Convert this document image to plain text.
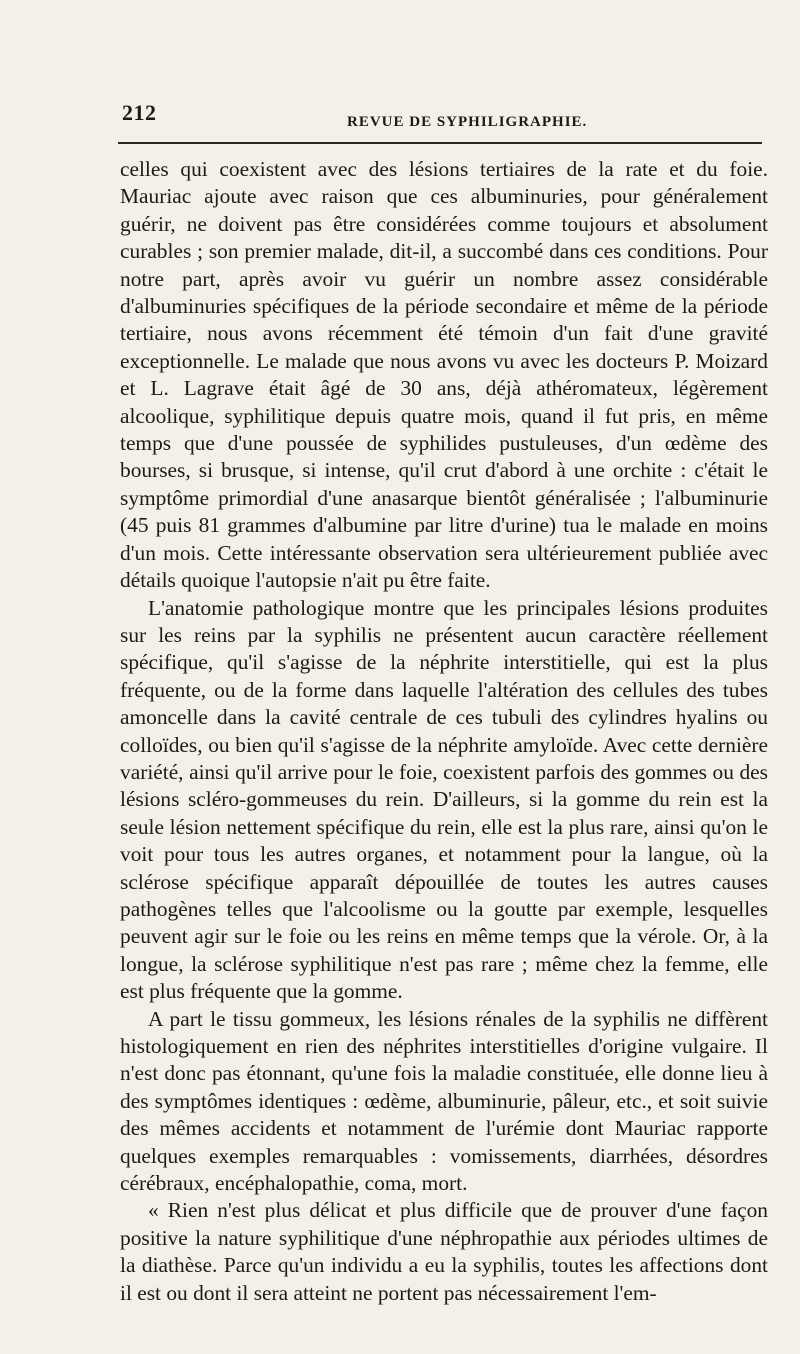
212	REVUE DE SYPHILIGRAPHIE.

celles qui coexistent avec des lésions tertiaires de la rate et du foie. Mauriac ajoute avec raison que ces albuminuries, pour généralement guérir, ne doivent pas être considérées comme toujours et absolument curables ; son premier malade, dit-il, a succombé dans ces conditions. Pour notre part, après avoir vu guérir un nombre assez considérable d'albuminuries spécifiques de la période secondaire et même de la période tertiaire, nous avons récemment été témoin d'un fait d'une gravité exceptionnelle. Le malade que nous avons vu avec les docteurs P. Moizard et L. Lagrave était âgé de 30 ans, déjà athéromateux, légèrement alcoolique, syphilitique depuis quatre mois, quand il fut pris, en même temps que d'une poussée de syphilides pustuleuses, d'un œdème des bourses, si brusque, si intense, qu'il crut d'abord à une orchite : c'était le symptôme primordial d'une anasarque bientôt généralisée ; l'albuminurie (45 puis 81 grammes d'albumine par litre d'urine) tua le malade en moins d'un mois. Cette intéressante observation sera ultérieurement publiée avec détails quoique l'autopsie n'ait pu être faite.

L'anatomie pathologique montre que les principales lésions produites sur les reins par la syphilis ne présentent aucun caractère réellement spécifique, qu'il s'agisse de la néphrite interstitielle, qui est la plus fréquente, ou de la forme dans laquelle l'altération des cellules des tubes amoncelle dans la cavité centrale de ces tubuli des cylindres hyalins ou colloïdes, ou bien qu'il s'agisse de la néphrite amyloïde. Avec cette dernière variété, ainsi qu'il arrive pour le foie, coexistent parfois des gommes ou des lésions scléro-gommeuses du rein. D'ailleurs, si la gomme du rein est la seule lésion nettement spécifique du rein, elle est la plus rare, ainsi qu'on le voit pour tous les autres organes, et notamment pour la langue, où la sclérose spécifique apparaît dépouillée de toutes les autres causes pathogènes telles que l'alcoolisme ou la goutte par exemple, lesquelles peuvent agir sur le foie ou les reins en même temps que la vérole. Or, à la longue, la sclérose syphilitique n'est pas rare ; même chez la femme, elle est plus fréquente que la gomme.

A part le tissu gommeux, les lésions rénales de la syphilis ne diffèrent histologiquement en rien des néphrites interstitielles d'origine vulgaire. Il n'est donc pas étonnant, qu'une fois la maladie constituée, elle donne lieu à des symptômes identiques : œdème, albuminurie, pâleur, etc., et soit suivie des mêmes accidents et notamment de l'urémie dont Mauriac rapporte quelques exemples remarquables : vomissements, diarrhées, désordres cérébraux, encéphalopathie, coma, mort.

« Rien n'est plus délicat et plus difficile que de prouver d'une façon positive la nature syphilitique d'une néphropathie aux périodes ultimes de la diathèse. Parce qu'un individu a eu la syphilis, toutes les affections dont il est ou dont il sera atteint ne portent pas nécessairement l'em-
